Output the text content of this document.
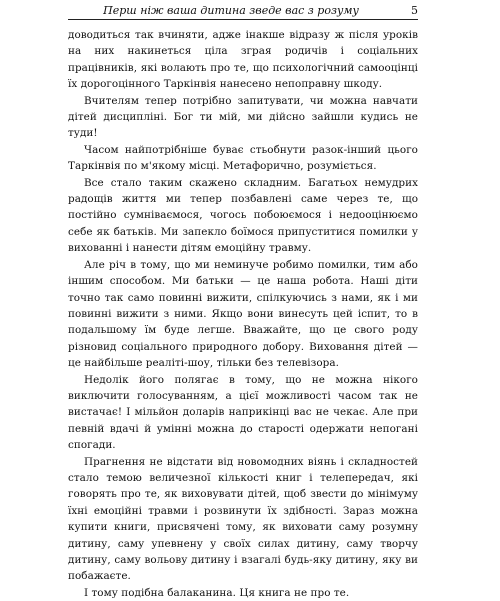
Перш ніж ваша дитина зведе вас з розуму	5

доводиться так вчиняти, адже інакше відразу ж після уроків на них накинеться ціла зграя родичів і соціальних працівників, які волають про те, що психологічний самооцінці їх дорогоцінного Таркінвія нанесено непоправну шкоду.

Вчителям тепер потрібно запитувати, чи можна навчати дітей дисципліні. Бог ти мій, ми дійсно зайшли кудись не туди!

Часом найпотрібніше буває стьобнути разок-інший цього Таркінвія по м'якому місці. Метафорично, розуміється.

Все стало таким скажено складним. Багатьох немудрих радощів життя ми тепер позбавлені саме через те, що постійно сумніваємося, чогось побоюємося і недооцінюємо себе як батьків. Ми запекло боїмося припуститися помилки у вихованні і нанести дітям емоційну травму.

Але річ в тому, що ми неминуче робимо помилки, тим або іншим способом. Ми батьки — це наша робота. Наші діти точно так само повинні вижити, спілкуючись з нами, як і ми повинні вижити з ними. Якщо вони винесуть цей іспит, то в подальшому їм буде легше. Вважайте, що це свого роду різновид соціального природного добору. Виховання дітей — це найбільше реаліті-шоу, тільки без телевізора.

Недолік його полягає в тому, що не можна нікого виключити голосуванням, а цієї можливості часом так не вистачає! І мільйон доларів наприкінці вас не чекає. Але при певній вдачі й умінні можна до старості одержати непогані спогади.

Прагнення не відстати від новомодних віянь і складностей стало темою величезної кількості книг і телепередач, які говорять про те, як виховувати дітей, щоб звести до мінімуму їхні емоційні травми і розвинути їх здібності. Зараз можна купити книги, присвячені тому, як виховати саму розумну дитину, саму упевнену у своїх силах дитину, саму творчу дитину, саму вольову дитину і взагалі будь-яку дитину, яку ви побажаєте.

І тому подібна балаканина. Ця книга не про те.
